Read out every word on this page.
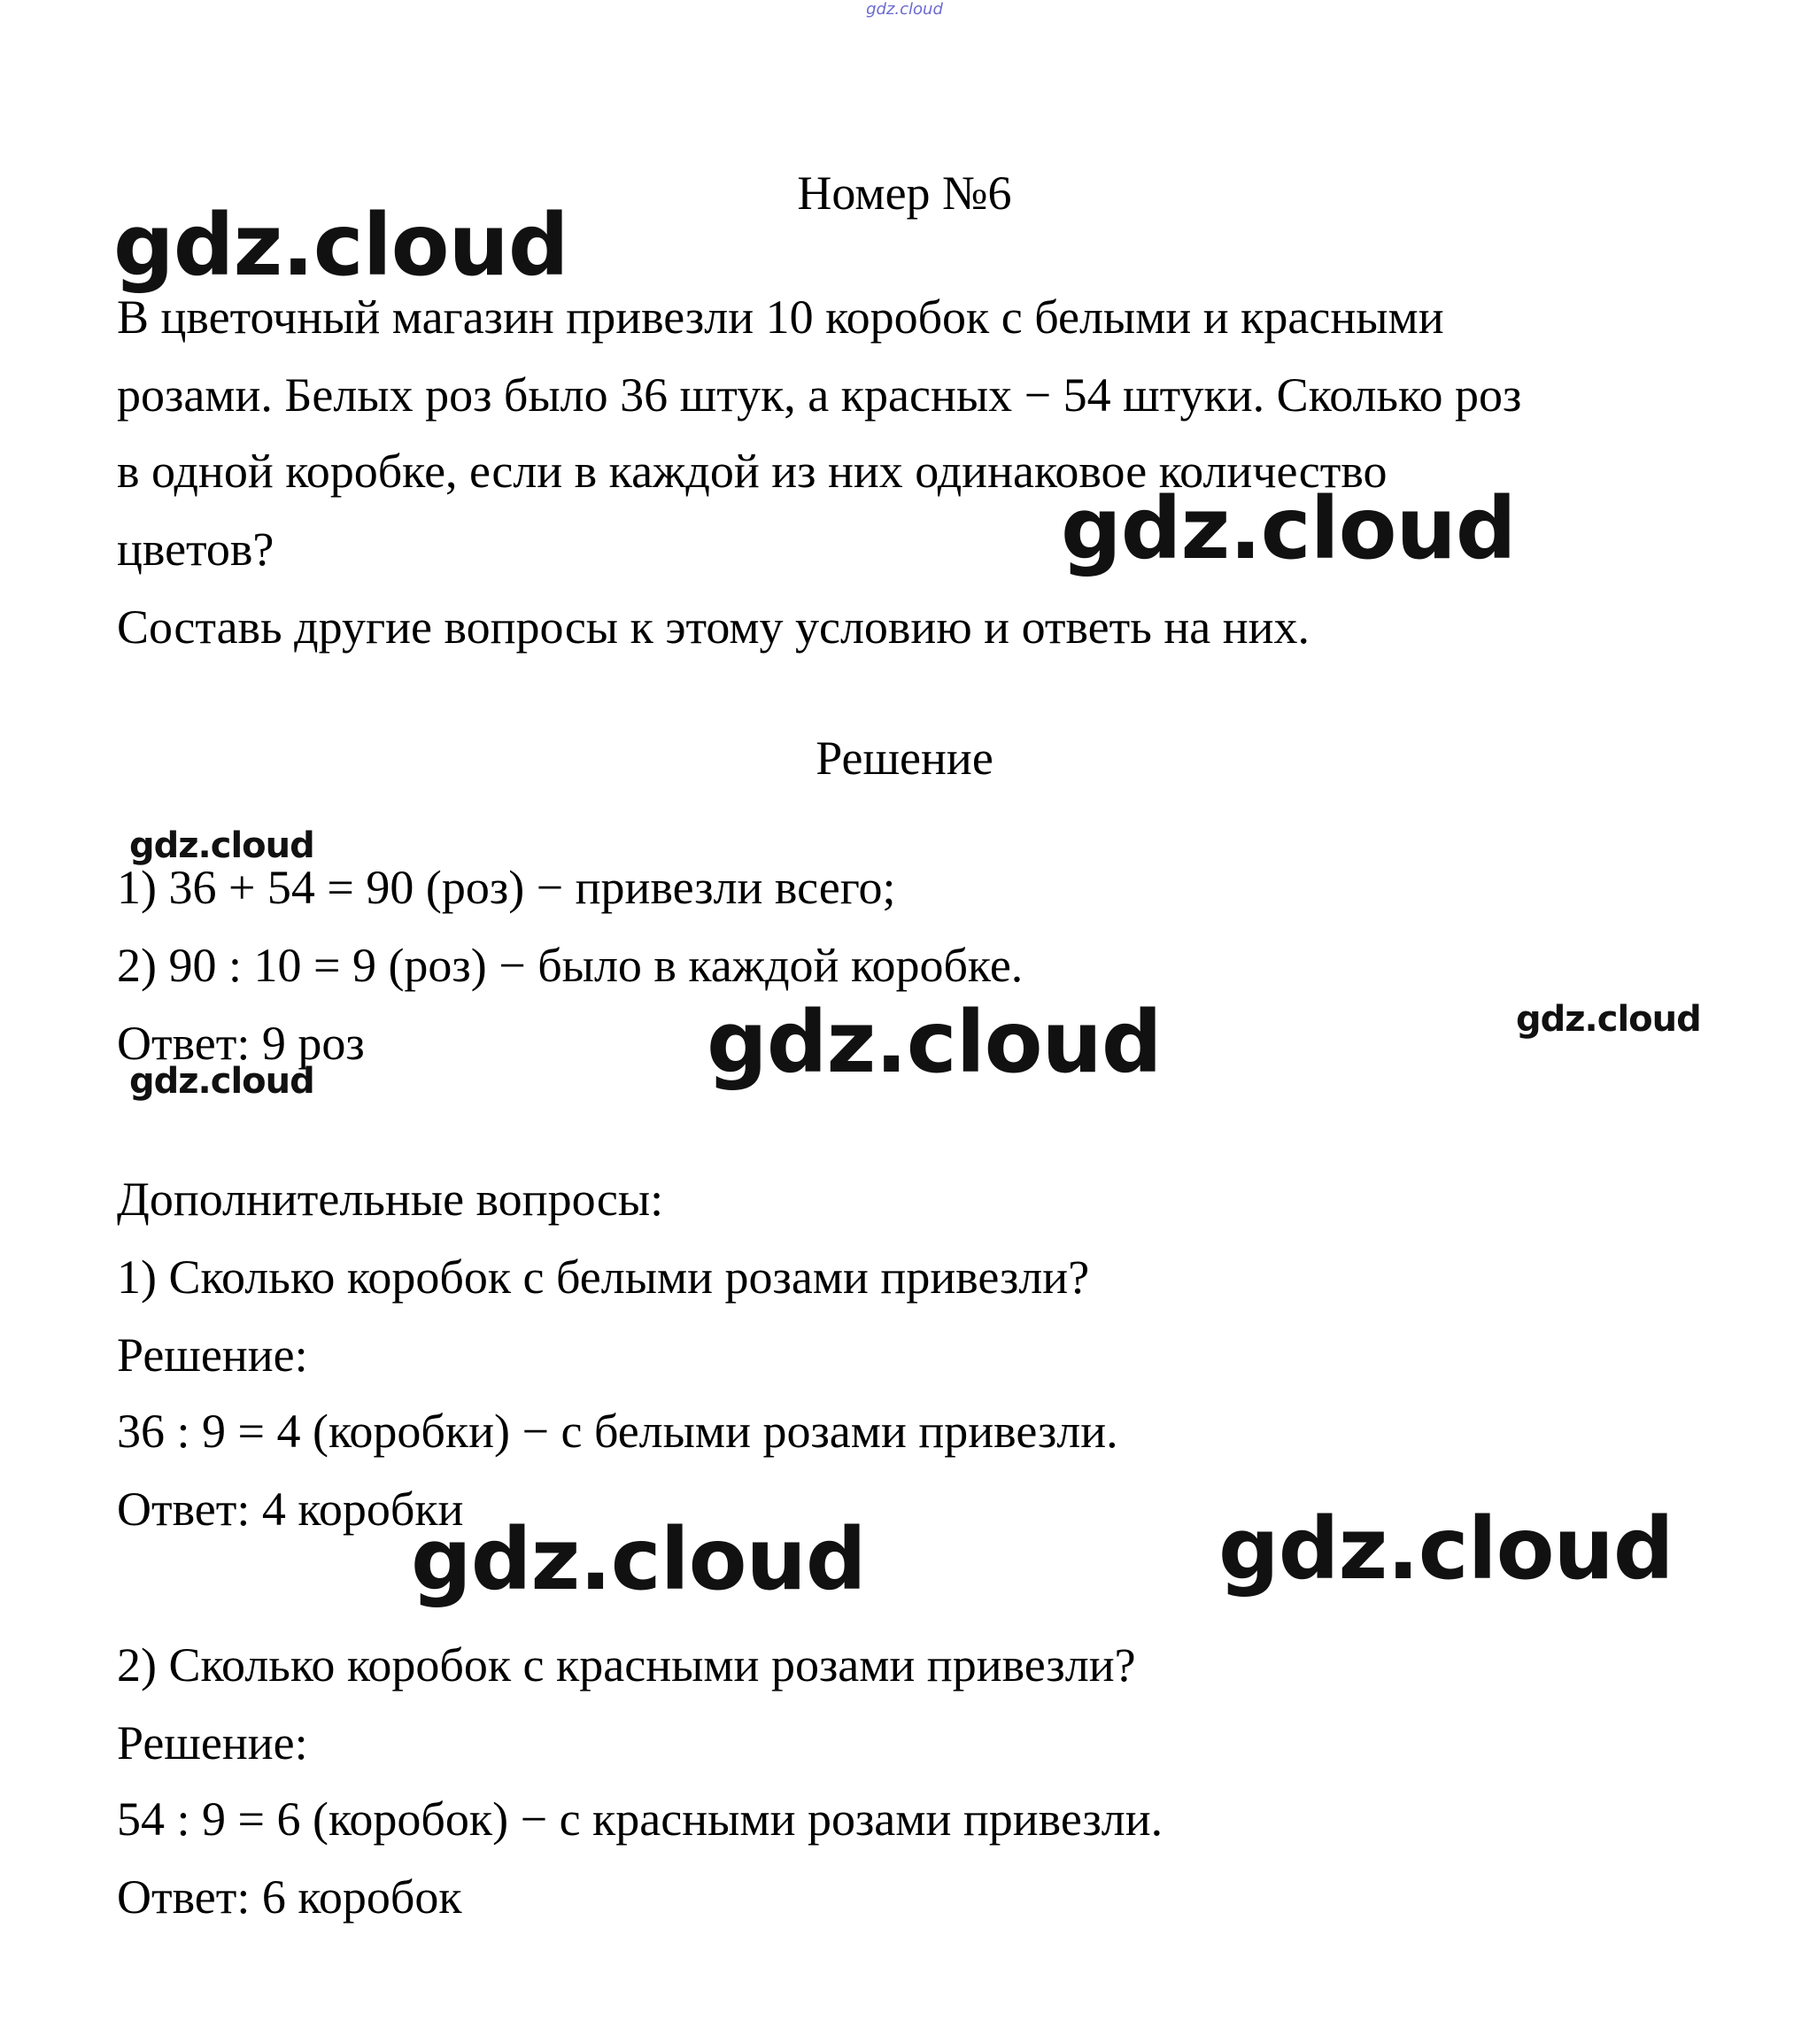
gdz.cloud
Номер №6
gdz.cloud
В цветочный магазин привезли 10 коробок с белыми и красными
розами. Белых роз было 36 штук, а красных − 54 штуки. Сколько роз
в одной коробке, если в каждой из них одинаковое количество
цветов?	gdz.cloud
Составь другие вопросы к этому условию и ответь на них.
Решение
gdz.cloud
1) 36 + 54 = 90 (роз) − привезли всего;
2) 90 : 10 = 9 (роз) − было в каждой коробке.
Ответ: 9 роз	gdz.cloud	gdz.cloud
gdz.cloud
Дополнительные вопросы:
1) Сколько коробок с белыми розами привезли?
Решение:
36 : 9 = 4 (коробки) − с белыми розами привезли.
Ответ: 4 коробки
gdz.cloud	gdz.cloud
2) Сколько коробок с красными розами привезли?
Решение:
54 : 9 = 6 (коробок) − с красными розами привезли.
Ответ: 6 коробок
